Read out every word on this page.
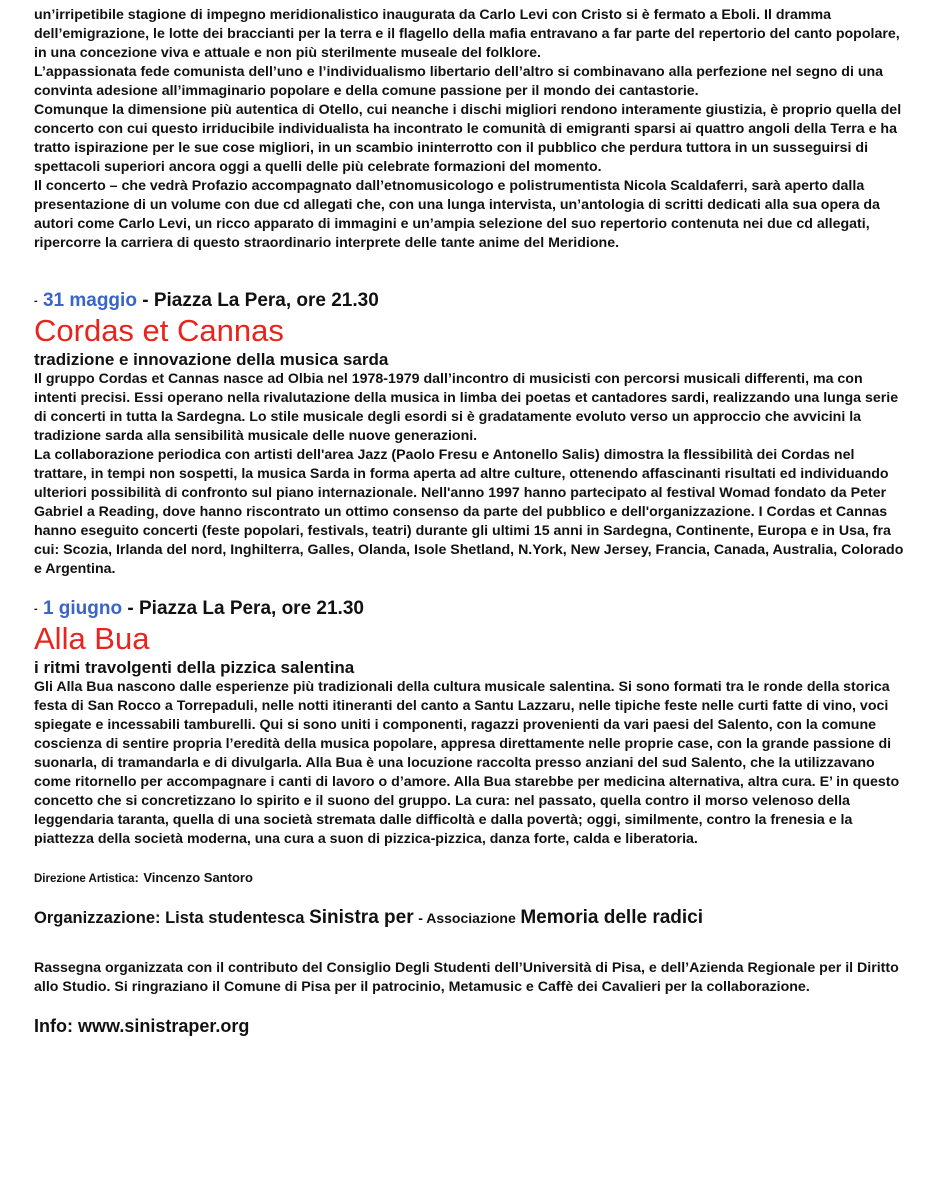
un’irripetibile stagione di impegno meridionalistico inaugurata da Carlo Levi con Cristo si è fermato a Eboli. Il dramma dell’emigrazione, le lotte dei braccianti per la terra e il flagello della mafia entravano a far parte del repertorio del canto popolare, in una concezione viva e attuale e non più sterilmente museale del folklore.

L’appassionata fede comunista dell’uno e l’individualismo libertario dell’altro si combinavano alla perfezione nel segno di una convinta adesione all’immaginario popolare e della comune passione per il mondo dei cantastorie.

Comunque la dimensione più autentica di Otello, cui neanche i dischi migliori rendono interamente giustizia, è proprio quella del concerto con cui questo irriducibile individualista ha incontrato le comunità di emigranti sparsi ai quattro angoli della Terra e ha tratto ispirazione per le sue cose migliori, in un scambio ininterrotto con il pubblico che perdura tuttora in un susseguirsi di spettacoli superiori ancora oggi a quelli delle più celebrate formazioni del momento.

Il concerto – che vedrà Profazio accompagnato dall’etnomusicologo e polistrumentista Nicola Scaldaferri, sarà aperto dalla presentazione di un volume con due cd allegati che, con una lunga intervista, un’antologia di scritti dedicati alla sua opera da autori come Carlo Levi, un ricco apparato di immagini e un’ampia selezione del suo repertorio contenuta nei due cd allegati, ripercorre la carriera di questo straordinario interprete delle tante anime del Meridione.

- 31 maggio - Piazza La Pera, ore 21.30
Cordas et Cannas
tradizione e innovazione della musica sarda

Il gruppo Cordas et Cannas nasce ad Olbia nel 1978-1979 dall’incontro di musicisti con percorsi musicali differenti, ma con intenti precisi. Essi operano nella rivalutazione della musica in limba dei poetas et cantadores sardi, realizzando una lunga serie di concerti in tutta la Sardegna. Lo stile musicale degli esordi si è gradatamente evoluto verso un approccio che avvicini la tradizione sarda alla sensibilità musicale delle nuove generazioni.

La collaborazione periodica con artisti dell'area Jazz (Paolo Fresu e Antonello Salis) dimostra la flessibilità dei Cordas nel trattare, in tempi non sospetti, la musica Sarda in forma aperta ad altre culture, ottenendo affascinanti risultati ed individuando ulteriori possibilità di confronto sul piano internazionale. Nell'anno 1997 hanno partecipato al festival Womad fondato da Peter Gabriel a Reading, dove hanno riscontrato un ottimo consenso da parte del pubblico e dell'organizzazione. I Cordas et Cannas hanno eseguito concerti (feste popolari, festivals, teatri) durante gli ultimi 15 anni in Sardegna, Continente, Europa e in Usa, fra cui: Scozia, Irlanda del nord, Inghilterra, Galles, Olanda, Isole Shetland, N.York, New Jersey, Francia, Canada, Australia, Colorado e Argentina.

- 1 giugno - Piazza La Pera, ore 21.30
Alla Bua
i ritmi travolgenti della pizzica salentina

Gli Alla Bua nascono dalle esperienze più tradizionali della cultura musicale salentina. Si sono formati tra le ronde della storica festa di San Rocco a Torrepaduli, nelle notti itineranti del canto a Santu Lazzaru, nelle tipiche feste nelle curti fatte di vino, voci spiegate e incessabili tamburelli. Qui si sono uniti i componenti, ragazzi provenienti da vari paesi del Salento, con la comune coscienza di sentire propria l’eredità della musica popolare, appresa direttamente nelle proprie case, con la grande passione di suonarla, di tramandarla e di divulgarla. Alla Bua è una locuzione raccolta presso anziani del sud Salento, che la utilizzavano come ritornello per accompagnare i canti di lavoro o d’amore. Alla Bua starebbe per medicina alternativa, altra cura. E’ in questo concetto che si concretizzano lo spirito e il suono del gruppo. La cura: nel passato, quella contro il morso velenoso della leggendaria taranta, quella di una società stremata dalle difficoltà e dalla povertà; oggi, similmente, contro la frenesia e la piattezza della società moderna, una cura a suon di pizzica-pizzica, danza forte, calda e liberatoria.

Direzione Artistica: Vincenzo Santoro
Organizzazione: Lista studentesca Sinistra per - Associazione Memoria delle radici

Rassegna organizzata con il contributo del Consiglio Degli Studenti dell’Università di Pisa, e dell’Azienda Regionale per il Diritto allo Studio. Si ringraziano il Comune di Pisa per il patrocinio, Metamusic e Caffè dei Cavalieri per la collaborazione.

Info: www.sinistraper.org
